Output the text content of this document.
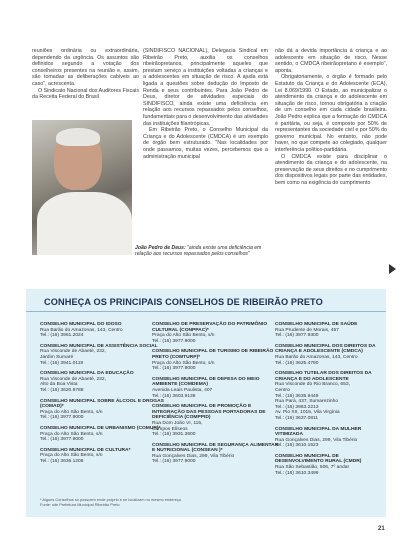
reuniões ordinária ou extraordinária, dependendo da urgência. Os assuntos são definidos segundo a votação dos conselheiros presentes na reunião e, assim, são tomadas as deliberações cabíveis ao caso", acrescenta.

O Sindicato Nacional dos Auditores Fiscais da Receita Federal do Brasil

(SINDIFISCO NACIONAL), Delegacia Sindical em Ribeirão Preto, auxilia os conselhos ribeirãopretanos, principalmente aqueles que prestam serviço a instituições voltadas a crianças e a adolescentes em situação de risco. A ajuda está ligada a questões sobre dedução do Imposto de Renda e seus contribuintes. Para João Pedro de Deus, diretor de atividades especiais do SINDIFISCO, ainda existe uma deficiência em relação aos recursos repassados pelos conselhos, fundamentais para o desenvolvimento das atividades das instituições filantrópicas.

Em Ribeirão Preto, o Conselho Municipal da Criança e do Adolescente (CMDCA) é um exemplo de órgão bem estruturado. "Nas localidades por onde passamos, muitas vezes, percebemos que a administração municipal

João Pedro de Deus: "ainda existe uma deficiência em relação aos recursos repassados pelos conselhos"

não dá a devida importância à criança e ao adolescente em situação de risco. Nesse sentido, o CMDCA ribeirãopretano é exemplo", aponta.

Obrigatoriamente, o órgão é formado pelo Estatuto da Criança e do Adolescente (ECA), Lei 8.069/1990. O Estado, ao municipalizar o atendimento da criança e do adolescente em situação de risco, tornou obrigatória a criação de um conselho em cada cidade brasileira. João Pedro explica que a formação do CMDCA é paritária, ou seja, é composto por 50% de representantes da sociedade civil e por 50% do governo municipal. No entanto, não pode haver, no que compete ao colegiado, qualquer interferência político-partidária.

O CMDCA existe para disciplinar o atendimento da criança e do adolescente, na preservação de seus direitos e no cumprimento dos dispositivos legais por parte das entidades, bem como na exigência do cumprimento

CONHEÇA OS PRINCIPAIS CONSELHOS DE RIBEIRÃO PRETO
CONSELHO MUNICIPAL DO IDOSO
Rua Barão do Amazonas, 143, Centro
Tel.: (16) 3961.2024
CONSELHO MUNICIPAL DE ASSISTÊNCIA SOCIAL
Rua Visconde de Abaeté, 232,
Jardim Sumaré
Tel.: (16) 3941.0119
CONSELHO MUNICIPAL DA EDUCAÇÃO
Rua Visconde de Abaeté, 232,
Alto da Boa Vista
Tel.: (16) 3620.9788
CONSELHO MUNICIPAL SOBRE ÁLCOOL E DROGAS (COMAD)*
Praça do Alto São Bento, s/n
Tel.: (16) 3977.9000
CONSELHO MUNICIPAL DE URBANISMO (COMUR)*
Praça do Alto São Bento, s/n
Tel.: (16) 3977.9000
CONSELHO MUNICIPAL DE CULTURA*
Praça do Alto São Bento, s/n
Tel.: (16) 3636.1206
CONSELHO DE PRESERVAÇÃO DO PATRIMÔNIO CULTURAL (CONPPAC)*
Praça do Alto São Bento, s/n
Tel.: (16) 3977.9000
CONSELHO MUNICIPAL DE TURISMO DE RIBEIRÃO PRETO (COMTURP)*
Praça do Alto São Bento, s/n
Tel.: (16) 3977.9000
CONSELHO MUNICIPAL DE DEFESA DO MEIO AMBIENTE (COMDEMA)
Avenida Leais Paulista, 407
Tel.: (16) 3603.9138
CONSELHO MUNICIPAL DE PROMOÇÃO E INTEGRAÇÃO DAS PESSOAS PORTADORAS DE DEFICIÊNCIA (COMPPID)
Rua Dom João VI, 115,
Campos Elíseos
Tel.: (16) 3931.3600
CONSELHO MUNICIPAL DE SEGURANÇA ALIMENTAR E NUTRICIONAL (CONSEAN )*
Rua Gonçalves Dias, 299, Vila Tibério
Tel.: (16) 3977.9000
CONSELHO MUNICIPAL DE SAÚDE
Rua Prudente de Morais, 457
Tel.: (16) 3977.9300
CONSELHO MUNICIPAL DOS DIREITOS DA CRIANÇA E ADOLESCENTE (CMDCA)
Rua Barão do Amazonas, 143, Centro
Tel.: (16) 3625.4790
CONSELHO TUTELAR DOS DIREITOS DA CRIANÇA E DO ADOLESCENTE
Rua Visconde do Rio Branco, 653,
Centro
Tel.: (16) 3635.9449
Rua Pará, 437, Sumarezinho
Tel.: (16) 3963.2213
Av. Pio XII, 1015, Vila Virgínia
Tel.: (16) 3637.0811
CONSELHO MUNICIPAL DA MULHER VITIMIZADA
Rua Gonçalves Dias, 299, Vila Tibério
Tel.: (16) 3610.1523
CONSELHO MUNICIPAL DE DESENVOLVIMENTO RURAL (CMDR)
Rua São Sebastião, 506, 7º andar
Tel.: (16) 3610.3499
* Alguns Conselhos só possuem ende próprio e se localizam no mesmo endereço.
Fonte: site Prefeitura Municipal Ribeirão Preto
21
